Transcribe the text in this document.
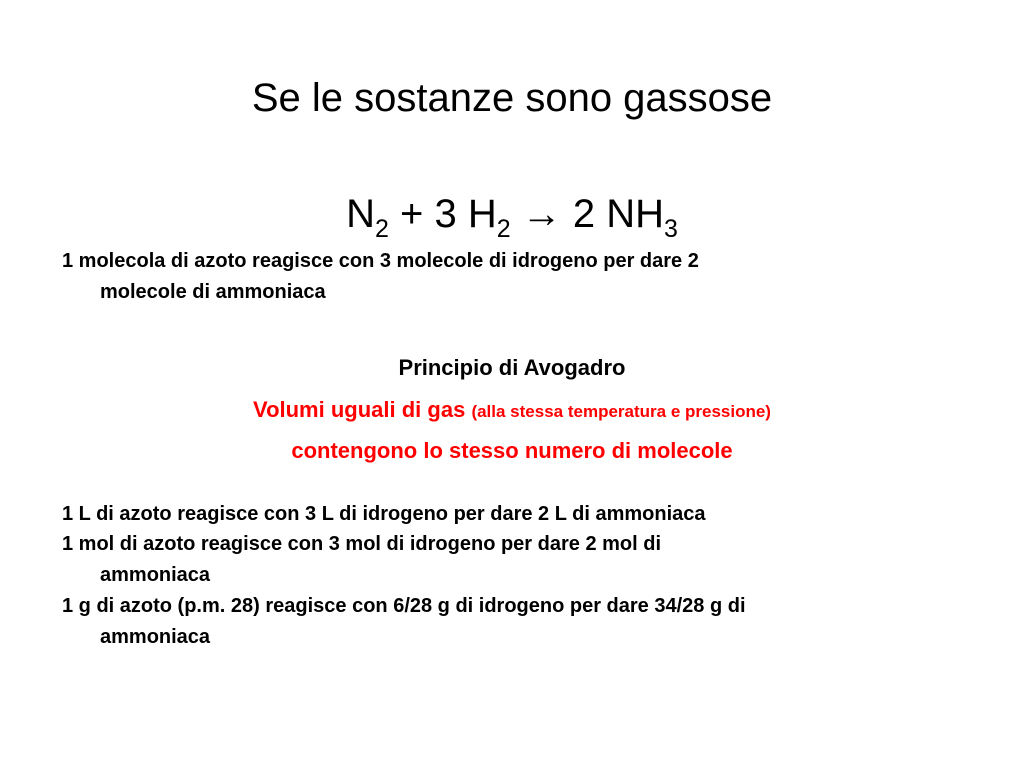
Se le sostanze sono gassose
$N_2 + 3$ $H_2 \to 2$ $NH_3$
1 molecola di azoto reagisce con 3 molecole di idrogeno per dare 2
molecole di ammoniaca
Principio di Avogadro
Volumi uguali di gas (alla stessa temperatura e pressione)
contengono lo stesso numero di molecole
1 L di azoto reagisce con 3 L di idrogeno per dare 2 L di ammoniaca
1 mol di azoto reagisce con 3 mol di idrogeno per dare 2 mol di
ammoniaca
1 g di azoto (p.m. 28) reagisce con 6/28 g di idrogeno per dare 34/28 g di
ammoniaca
